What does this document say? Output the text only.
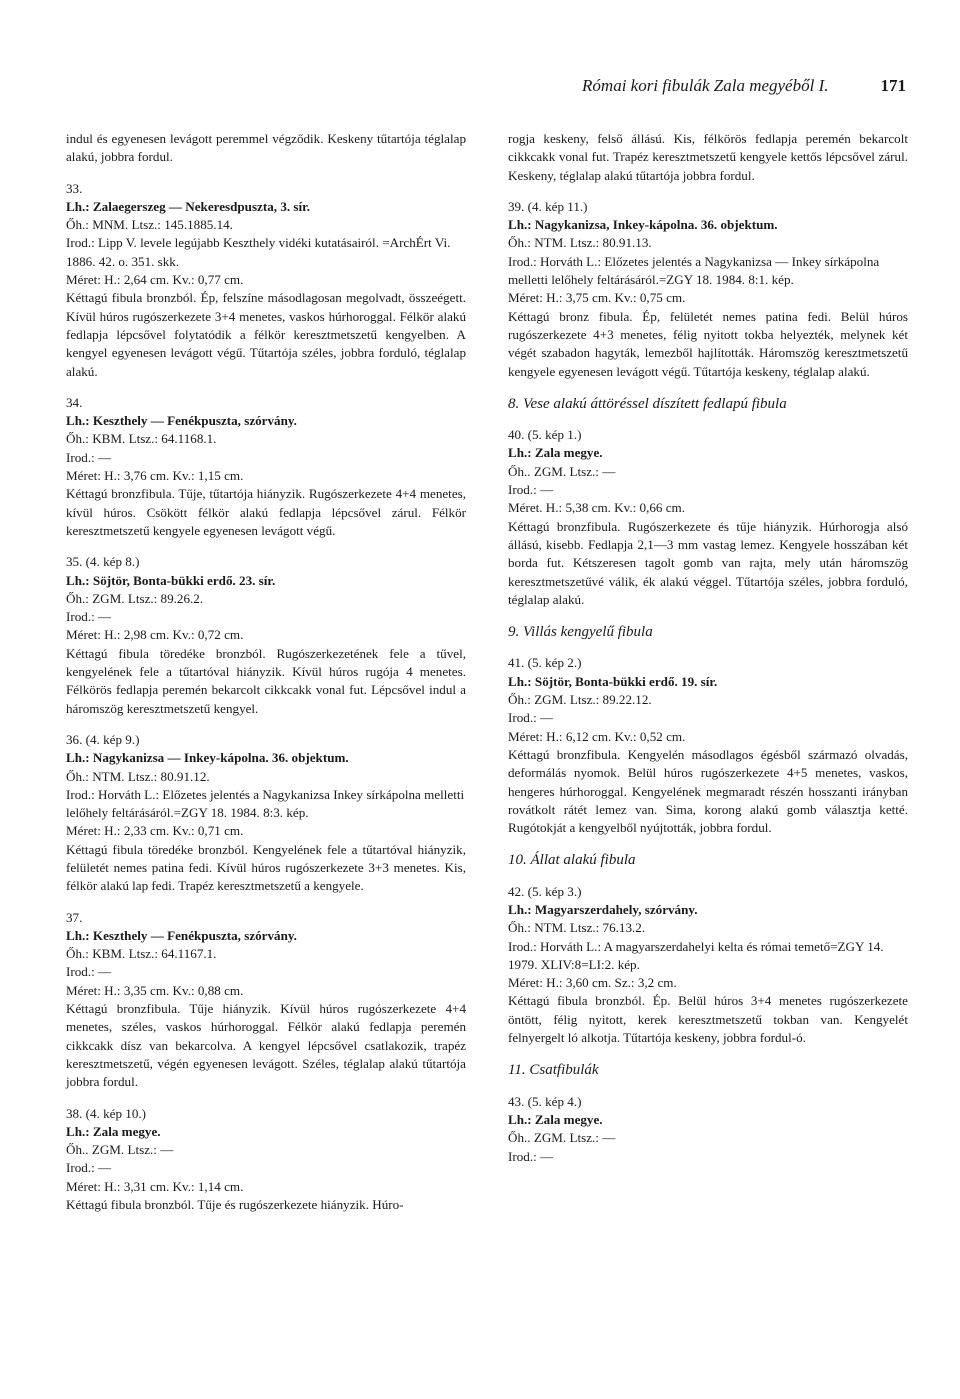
Római kori fibulák Zala megyéből I.	171
indul és egyenesen levágott peremmel végződik. Keskeny tűtartója téglalap alakú, jobbra fordul.
33.
Lh.: Zalaegerszeg — Nekeresdpuszta, 3. sír.
Őh.: MNM. Ltsz.: 145.1885.14.
Irod.: Lipp V. levele legújabb Keszthely vidéki kutatásairól. =ArchÉrt Vi. 1886. 42. o. 351. skk.
Méret: H.: 2,64 cm. Kv.: 0,77 cm.
Kéttagú fibula bronzból. Ép, felszíne másodlagosan megolvadt, összeégett. Kívül húros rugószerkezete 3+4 menetes, vaskos húrhoroggal. Félkör alakú fedlapja lépcsővel folytatódik a félkör keresztmetszetű kengyelben. A kengyel egyenesen levágott végű. Tűtartója széles, jobbra forduló, téglalap alakú.
34.
Lh.: Keszthely — Fenékpuszta, szórvány.
Őh.: KBM. Ltsz.: 64.1168.1.
Irod.: —
Méret: H.: 3,76 cm. Kv.: 1,15 cm.
Kéttagú bronzfibula. Tűje, tűtartója hiányzik. Rugószerkezete 4+4 menetes, kívül húros. Csökött félkör alakú fedlapja lépcsővel zárul. Félkör keresztmetszetű kengyele egyenesen levágott végű.
35. (4. kép 8.)
Lh.: Söjtör, Bonta-bükki erdő. 23. sír.
Őh.: ZGM. Ltsz.: 89.26.2.
Irod.: —
Méret: H.: 2,98 cm. Kv.: 0,72 cm.
Kéttagú fibula töredéke bronzból. Rugószerkezetének fele a tűvel, kengyelének fele a tűtartóval hiányzik. Kívül húros rugója 4 menetes. Félkörös fedlapja peremén bekarcolt cikkcakk vonal fut. Lépcsővel indul a háromszög keresztmetszetű kengyel.
36. (4. kép 9.)
Lh.: Nagykanizsa — Inkey-kápolna. 36. objektum.
Őh.: NTM. Ltsz.: 80.91.12.
Irod.: Horváth L.: Előzetes jelentés a Nagykanizsa Inkey sírkápolna melletti lelőhely feltárásáról.=ZGY 18. 1984. 8:3. kép.
Méret: H.: 2,33 cm. Kv.: 0,71 cm.
Kéttagú fibula töredéke bronzból. Kengyelének fele a tűtartóval hiányzik, felületét nemes patina fedi. Kívül húros rugószerkezete 3+3 menetes. Kis, félkör alakú lap fedi. Trapéz keresztmetszetű a kengyele.
37.
Lh.: Keszthely — Fenékpuszta, szórvány.
Őh.: KBM. Ltsz.: 64.1167.1.
Irod.: —
Méret: H.: 3,35 cm. Kv.: 0,88 cm.
Kéttagú bronzfibula. Tűje hiányzik. Kívül húros rugószerkezete 4+4 menetes, széles, vaskos húrhoroggal. Félkör alakú fedlapja peremén cikkcakk dísz van bekarcolva. A kengyel lépcsővel csatlakozik, trapéz keresztmetszetű, végén egyenesen levágott. Széles, téglalap alakú tűtartója jobbra fordul.
38. (4. kép 10.)
Lh.: Zala megye.
Őh.. ZGM. Ltsz.: —
Irod.: —
Méret: H.: 3,31 cm. Kv.: 1,14 cm.
Kéttagú fibula bronzból. Tűje és rugószerkezete hiányzik. Húro-
rogja keskeny, felső állású. Kis, félkörös fedlapja peremén bekarcolt cikkcakk vonal fut. Trapéz keresztmetszetű kengyele kettős lépcsővel zárul. Keskeny, téglalap alakú tűtartója jobbra fordul.
39. (4. kép 11.)
Lh.: Nagykanizsa, Inkey-kápolna. 36. objektum.
Őh.: NTM. Ltsz.: 80.91.13.
Irod.: Horváth L.: Előzetes jelentés a Nagykanizsa — Inkey sírkápolna melletti lelőhely feltárásáról.=ZGY 18. 1984. 8:1. kép.
Méret: H.: 3,75 cm. Kv.: 0,75 cm.
Kéttagú bronz fibula. Ép, felületét nemes patina fedi. Belül húros rugószerkezete 4+3 menetes, félig nyitott tokba helyezték, melynek két végét szabadon hagyták, lemezből hajlították. Háromszög keresztmetszetű kengyele egyenesen levágott végű. Tűtartója keskeny, téglalap alakú.
8. Vese alakú áttöréssel díszített fedlapú fibula
40. (5. kép 1.)
Lh.: Zala megye.
Őh.. ZGM. Ltsz.: —
Irod.: —
Méret. H.: 5,38 cm. Kv.: 0,66 cm.
Kéttagú bronzfibula. Rugószerkezete és tűje hiányzik. Húrhorogja alsó állású, kisebb. Fedlapja 2,1—3 mm vastag lemez. Kengyele hosszában két borda fut. Kétszeresen tagolt gomb van rajta, mely után háromszög keresztmetszetűvé válik, ék alakú véggel. Tűtartója széles, jobbra forduló, téglalap alakú.
9. Villás kengyelű fibula
41. (5. kép 2.)
Lh.: Söjtör, Bonta-bükki erdő. 19. sír.
Őh.: ZGM. Ltsz.: 89.22.12.
Irod.: —
Méret: H.: 6,12 cm. Kv.: 0,52 cm.
Kéttagú bronzfibula. Kengyelén másodlagos égésből származó olvadás, deformálás nyomok. Belül húros rugószerkezete 4+5 menetes, vaskos, hengeres húrhoroggal. Kengyelének megmaradt részén hosszanti irányban rovátkolt rátét lemez van. Sima, korong alakú gomb választja ketté. Rugótokját a kengyelből nyújtották, jobbra fordul.
10. Állat alakú fibula
42. (5. kép 3.)
Lh.: Magyarszerdahely, szórvány.
Őh.: NTM. Ltsz.: 76.13.2.
Irod.: Horváth L.: A magyarszerdahelyi kelta és római temető=ZGY 14. 1979. XLIV:8=LI:2. kép.
Méret: H.: 3,60 cm. Sz.: 3,2 cm.
Kéttagú fibula bronzból. Ép. Belül húros 3+4 menetes rugószerkezete öntött, félig nyitott, kerek keresztmetszetű tokban van. Kengyelét felnyergelt ló alkotja. Tűtartója keskeny, jobbra fordul-ó.
11. Csatfibulák
43. (5. kép 4.)
Lh.: Zala megye.
Őh.. ZGM. Ltsz.: —
Irod.: —
